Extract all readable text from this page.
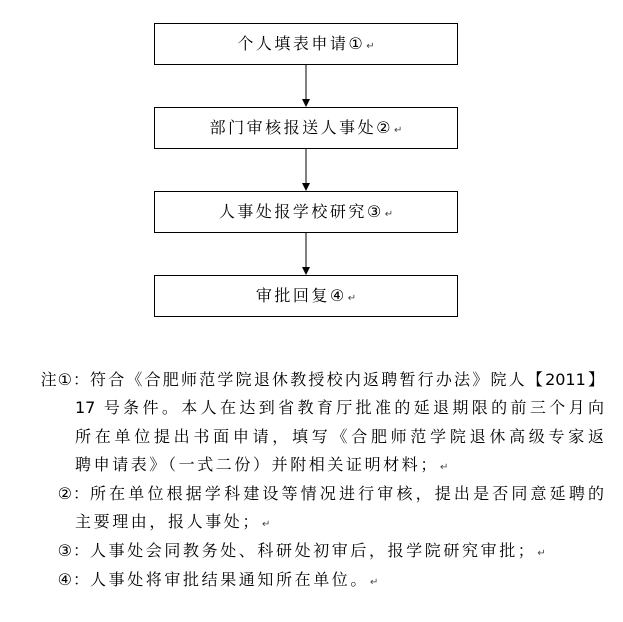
个人填表申请①↵
部门审核报送人事处②↵
人事处报学校研究③↵
审批回复④↵
注①： 符合《合肥师范学院退休教授校内返聘暂行办法》院人【2011】
17 号条件。本人在达到省教育厅批准的延退期限的前三个月向
所在单位提出书面申请，填写《合肥师范学院退休高级专家返
聘申请表》（一式二份）并附相关证明材料；↵
②： 所在单位根据学科建设等情况进行审核，提出是否同意延聘的
主要理由，报人事处；↵
③： 人事处会同教务处、科研处初审后，报学院研究审批；↵
④： 人事处将审批结果通知所在单位。↵
